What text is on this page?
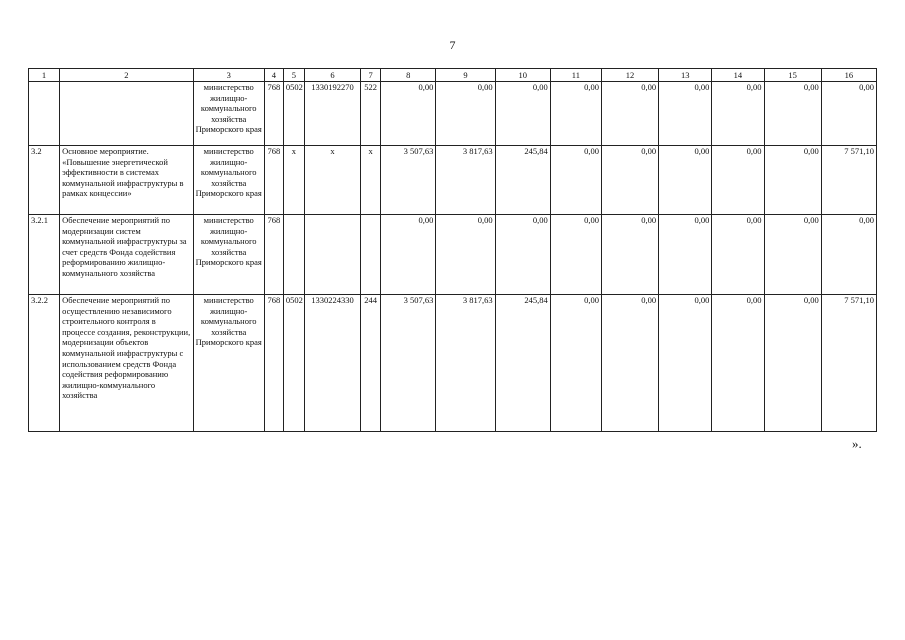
7
1	2	3	4	5	6	7	8	9	10	11	12	13	14	15	16
		министерство жилищно-коммунального хозяйства Приморского края	768	0502	1330192270	522	0,00	0,00	0,00	0,00	0,00	0,00	0,00	0,00	0,00
3.2	Основное мероприятие. «Повышение энергетической эффективности в системах коммунальной инфраструктуры в рамках концессии»	министерство жилищно-коммунального хозяйства Приморского края	768	х	х	х	3 507,63	3 817,63	245,84	0,00	0,00	0,00	0,00	0,00	7 571,10
3.2.1	Обеспечение мероприятий по модернизации систем коммунальной инфраструктуры за счет средств Фонда содействия реформированию жилищно-коммунального хозяйства	министерство жилищно-коммунального хозяйства Приморского края	768				0,00	0,00	0,00	0,00	0,00	0,00	0,00	0,00	0,00
3.2.2	Обеспечение мероприятий по осуществлению независимого строительного контроля в процессе создания, реконструкции, модернизации объектов коммунальной инфраструктуры с использованием средств Фонда содействия реформированию жилищно-коммунального хозяйства	министерство жилищно-коммунального хозяйства Приморского края	768	0502	1330224330	244	3 507,63	3 817,63	245,84	0,00	0,00	0,00	0,00	0,00	7 571,10
».
